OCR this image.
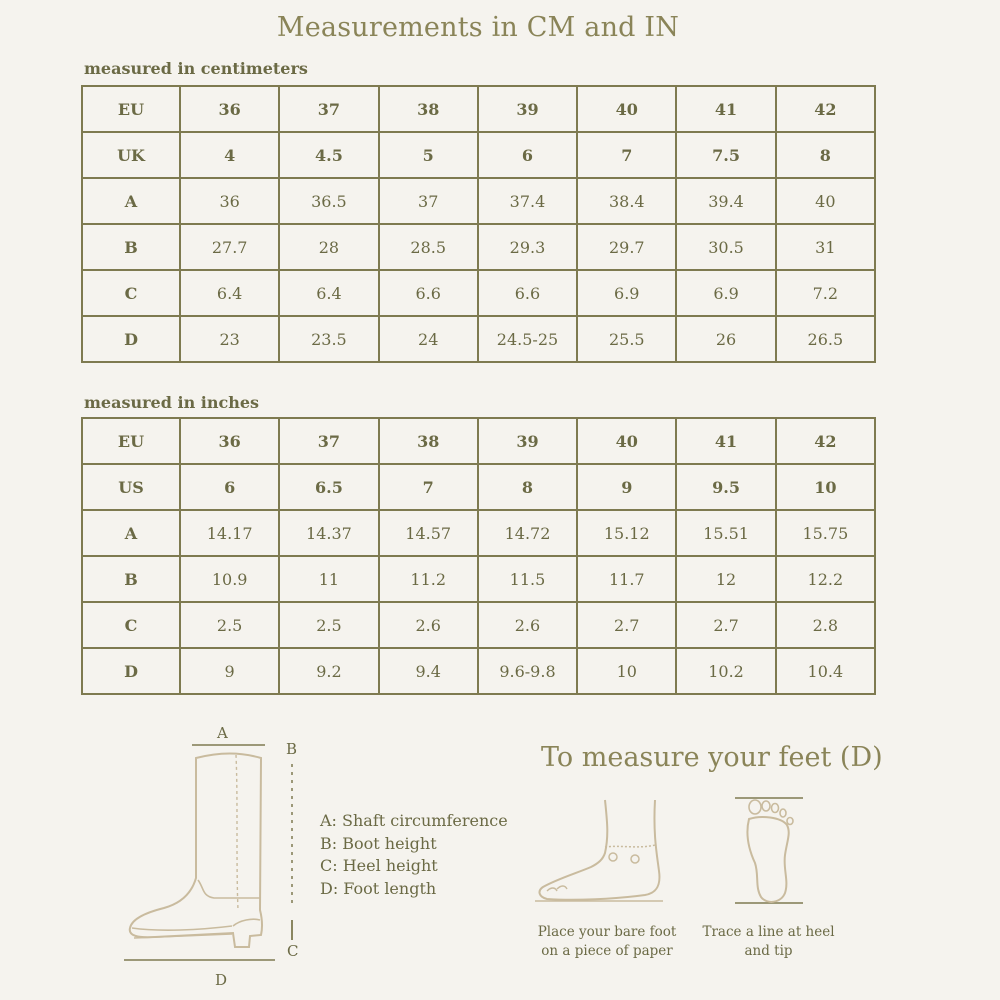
Measurements in CM and IN
measured in centimeters
EU	36	37	38	39	40	41	42
UK	4	4.5	5	6	7	7.5	8
A	36	36.5	37	37.4	38.4	39.4	40
B	27.7	28	28.5	29.3	29.7	30.5	31
C	6.4	6.4	6.6	6.6	6.9	6.9	7.2
D	23	23.5	24	24.5-25	25.5	26	26.5
measured in inches
EU	36	37	38	39	40	41	42
US	6	6.5	7	8	9	9.5	10
A	14.17	14.37	14.57	14.72	15.12	15.51	15.75
B	10.9	11	11.2	11.5	11.7	12	12.2
C	2.5	2.5	2.6	2.6	2.7	2.7	2.8
D	9	9.2	9.4	9.6-9.8	10	10.2	10.4
A
B
C
D
A: Shaft circumference
B: Boot height
C: Heel height
D: Foot length
To measure your feet (D)
Place your bare foot
on a piece of paper
Trace a line at heel
and tip
